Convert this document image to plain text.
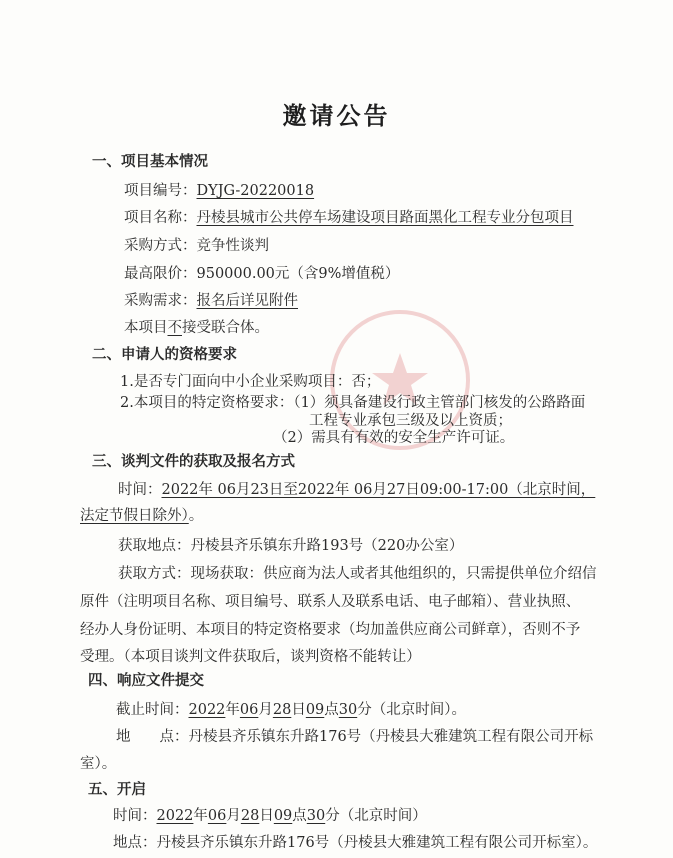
邀请公告
一、项目基本情况
项目编号：DYJG-20220018
项目名称：丹棱县城市公共停车场建设项目路面黑化工程专业分包项目
采购方式：竞争性谈判
最高限价：950000.00元（含9%增值税）
采购需求：报名后详见附件
本项目不接受联合体。
二、申请人的资格要求
1.是否专门面向中小企业采购项目：否；
2.本项目的特定资格要求：（1）须具备建设行政主管部门核发的公路路面
工程专业承包三级及以上资质；
（2）需具有有效的安全生产许可证。
三、谈判文件的获取及报名方式
时间：2022年 06月23日至2022年 06月27日09:00-17:00（北京时间，
法定节假日除外）。
获取地点：丹棱县齐乐镇东升路193号（220办公室）
获取方式：现场获取：供应商为法人或者其他组织的，只需提供单位介绍信
原件（注明项目名称、项目编号、联系人及联系电话、电子邮箱）、营业执照、
经办人身份证明、本项目的特定资格要求（均加盖供应商公司鲜章），否则不予
受理。（本项目谈判文件获取后，谈判资格不能转让）
四、响应文件提交
截止时间：2022年06月28日09点30分（北京时间）。
地　　点：丹棱县齐乐镇东升路176号（丹棱县大雅建筑工程有限公司开标
室）。
五、开启
时间：2022年06月28日09点30分（北京时间）
地点：丹棱县齐乐镇东升路176号（丹棱县大雅建筑工程有限公司开标室）。
